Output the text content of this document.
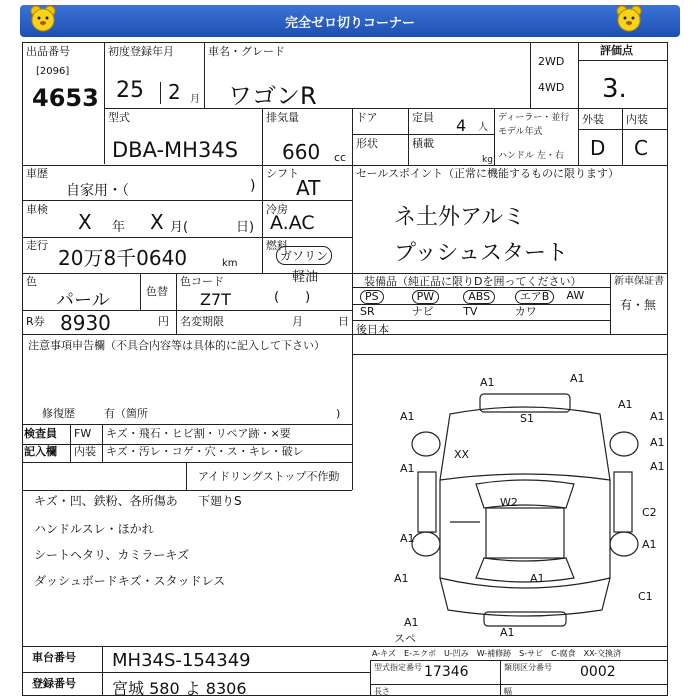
完全ゼロ切りコーナー
出品番号
[2096]
4653
初度登録年月
25 2 月
車名・グレード
ワゴンR
2WD
4WD
評価点
3.
型式
DBA-MH34S
排気量
660 cc
ドア
形状
定員 4 人
積載
kg
ディーラー・並行
モデル年式
ハンドル 左・右
外装 内装
D C
車歴
自家用・（	)
シフト
AT
車検
X 年 X 月(	日)
冷房
A.AC
走行
20万8千0640	km
燃料
ガソリン
軽油
(　　)
色
パール	色替
色コード
Z7T
R券 8930	円 名変期限	月	日
セールスポイント（正常に機能するものに限ります）
ネ土外アルミ
プッシュスタート
装備品（純正品に限りDを囲ってください）	新車保証書
有・無
PS	PW	ABS	エアB	AW
SR	ナビ	TV	カワ
後日本
注意事項申告欄（不具合内容等は具体的に記入して下さい）
修復歴	有（箇所	)
検査員
記入欄
FW キズ・飛石・ヒビ割・リペア跡・×要
内装 キズ・汚レ・コゲ・穴・ス・キレ・破レ
アイドリングストップ不作動
下廻りS
キズ・凹、鉄粉、各所傷あ
ハンドルスレ・ほかれ
シートヘタリ、カミラーキズ
ダッシュボードキズ・スタッドレス
A1	A1
A1
S1
A1	A1
A1
XX
A1	A1
W2
C2
A1	A1
A1	A1
C1
A1
A1
スペ
A-キズ　E-エクボ　U-凹み　W-補修跡　S-サビ　C-腐食　XX-交換済
車台番号 MH34S-154349
登録番号 宮城 580 よ 8306
型式指定番号 17346	類別区分番号 0002
長さ	幅
